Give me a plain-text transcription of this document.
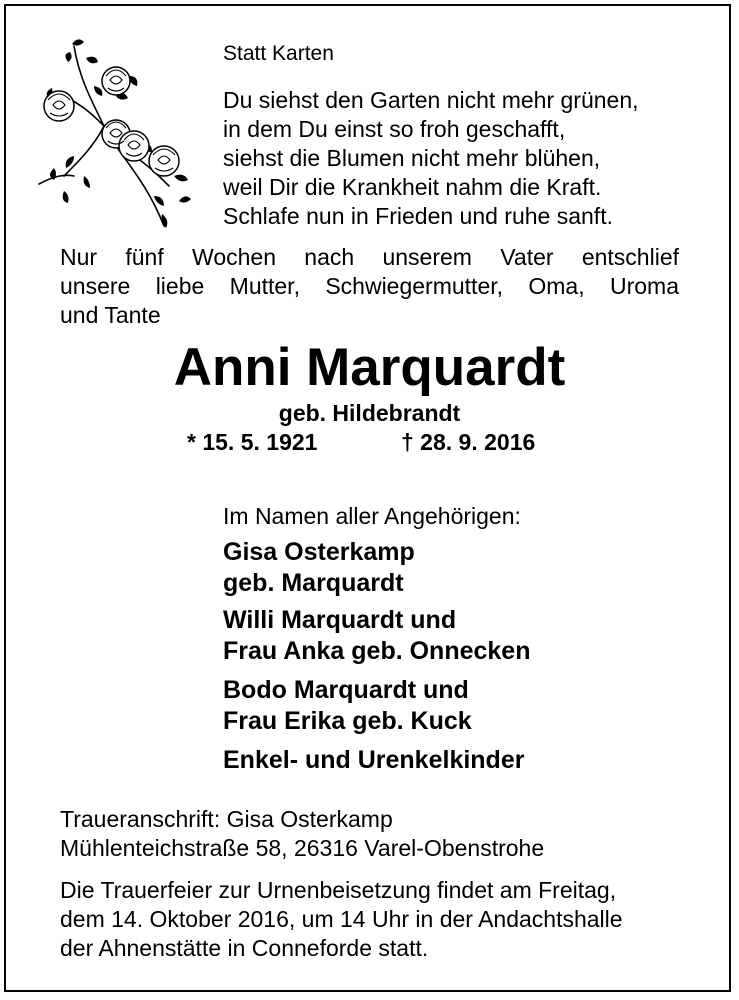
Statt Karten
Du siehst den Garten nicht mehr grünen,
in dem Du einst so froh geschafft,
siehst die Blumen nicht mehr blühen,
weil Dir die Krankheit nahm die Kraft.
Schlafe nun in Frieden und ruhe sanft.
Nur fünf Wochen nach unserem Vater entschlief
unsere liebe Mutter, Schwiegermutter, Oma, Uroma
und Tante
Anni Marquardt
geb. Hildebrandt
* 15. 5. 1921	† 28. 9. 2016
Im Namen aller Angehörigen:
Gisa Osterkamp
geb. Marquardt
Willi Marquardt und
Frau Anka geb. Onnecken
Bodo Marquardt und
Frau Erika geb. Kuck
Enkel- und Urenkelkinder
Traueranschrift: Gisa Osterkamp
Mühlenteichstraße 58, 26316 Varel-Obenstrohe
Die Trauerfeier zur Urnenbeisetzung findet am Freitag,
dem 14. Oktober 2016, um 14 Uhr in der Andachtshalle
der Ahnenstätte in Conneforde statt.
